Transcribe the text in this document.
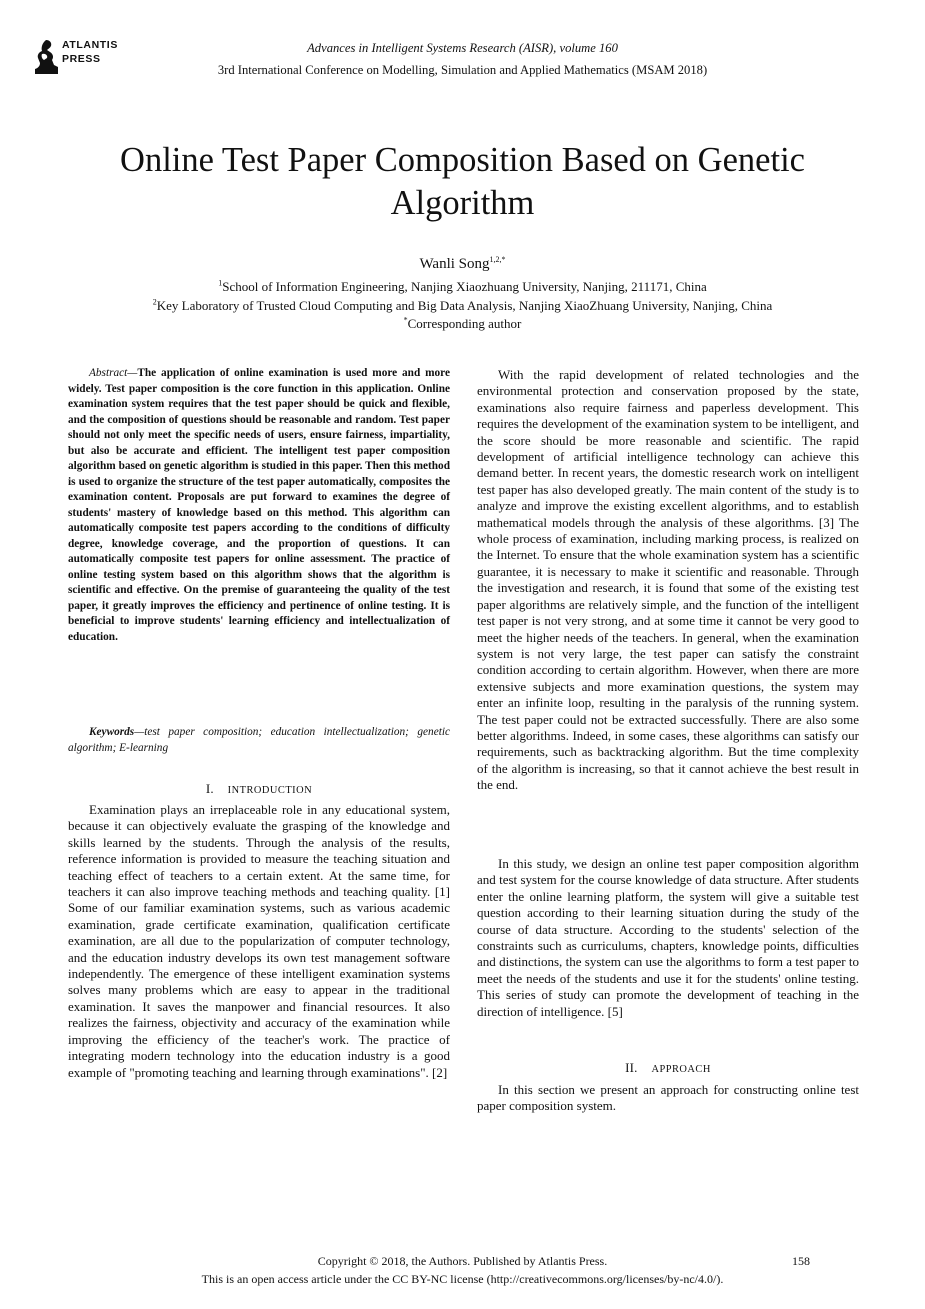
ATLANTIS
PRESS
Advances in Intelligent Systems Research (AISR), volume 160
3rd International Conference on Modelling, Simulation and Applied Mathematics (MSAM 2018)
Online Test Paper Composition Based on Genetic
Algorithm
Wanli Song$^{1,2,*}$
$^1$School of Information Engineering, Nanjing Xiaozhuang University, Nanjing, 211171, China
$^2$Key Laboratory of Trusted Cloud Computing and Big Data Analysis, Nanjing XiaoZhuang University, Nanjing, China
*Corresponding author

Abstract—The application of online examination is used more and more widely. Test paper composition is the core function in this application. Online examination system requires that the test paper should be quick and flexible, and the composition of questions should be reasonable and random. Test paper should not only meet the specific needs of users, ensure fairness, impartiality, but also be accurate and efficient. The intelligent test paper composition algorithm based on genetic algorithm is studied in this paper. Then this method is used to organize the structure of the test paper automatically, composites the examination content. Proposals are put forward to examines the degree of students' mastery of knowledge based on this method. This algorithm can automatically composite test papers according to the conditions of difficulty degree, knowledge coverage, and the proportion of questions. It can automatically composite test papers for online assessment. The practice of online testing system based on this algorithm shows that the algorithm is scientific and effective. On the premise of guaranteeing the quality of the test paper, it greatly improves the efficiency and pertinence of online testing. It is beneficial to improve students' learning efficiency and intellectualization of education.

Keywords—test paper composition; education intellectualization; genetic algorithm; E-learning

I. INTRODUCTION

Examination plays an irreplaceable role in any educational system, because it can objectively evaluate the grasping of the knowledge and skills learned by the students. Through the analysis of the results, reference information is provided to measure the teaching situation and teaching effect of teachers to a certain extent. At the same time, for teachers it can also improve teaching methods and teaching quality. [1] Some of our familiar examination systems, such as various academic examination, grade certificate examination, qualification certificate examination, are all due to the popularization of computer technology, and the education industry develops its own test management software independently. The emergence of these intelligent examination systems solves many problems which are easy to appear in the traditional examination. It saves the manpower and financial resources. It also realizes the fairness, objectivity and accuracy of the examination while improving the efficiency of the teacher's work. The practice of integrating modern technology into the education industry is a good example of "promoting teaching and learning through examinations". [2]

With the rapid development of related technologies and the environmental protection and conservation proposed by the state, examinations also require fairness and paperless development. This requires the development of the examination system to be intelligent, and the score should be more reasonable and scientific. The rapid development of artificial intelligence technology can achieve this demand better. In recent years, the domestic research work on intelligent test paper has also developed greatly. The main content of the study is to analyze and improve the existing excellent algorithms, and to establish mathematical models through the analysis of these algorithms. [3] The whole process of examination, including marking process, is realized on the Internet. To ensure that the whole examination system has a scientific guarantee, it is necessary to make it scientific and reasonable. Through the investigation and research, it is found that some of the existing test paper algorithms are relatively simple, and the function of the intelligent test paper is not very strong, and at some time it cannot be very good to meet the higher needs of the teachers. In general, when the examination system is not very large, the test paper can satisfy the constraint condition according to certain algorithm. However, when there are more extensive subjects and more examination questions, the system may enter an infinite loop, resulting in the paralysis of the running system. The test paper could not be extracted successfully. There are also some better algorithms. Indeed, in some cases, these algorithms can satisfy our requirements, such as backtracking algorithm. But the time complexity of the algorithm is increasing, so that it cannot achieve the best result in the end.

In this study, we design an online test paper composition algorithm and test system for the course knowledge of data structure. After students enter the online learning platform, the system will give a suitable test question according to their learning situation during the study of the course of data structure. According to the students' selection of the constraints such as curriculums, chapters, knowledge points, difficulties and distinctions, the system can use the algorithms to form a test paper to meet the needs of the students and use it for the students' online testing. This series of study can promote the development of teaching in the direction of intelligence. [5]

II. APPROACH

In this section we present an approach for constructing online test paper composition system.

Copyright © 2018, the Authors. Published by Atlantis Press.	158
This is an open access article under the CC BY-NC license (http://creativecommons.org/licenses/by-nc/4.0/).
